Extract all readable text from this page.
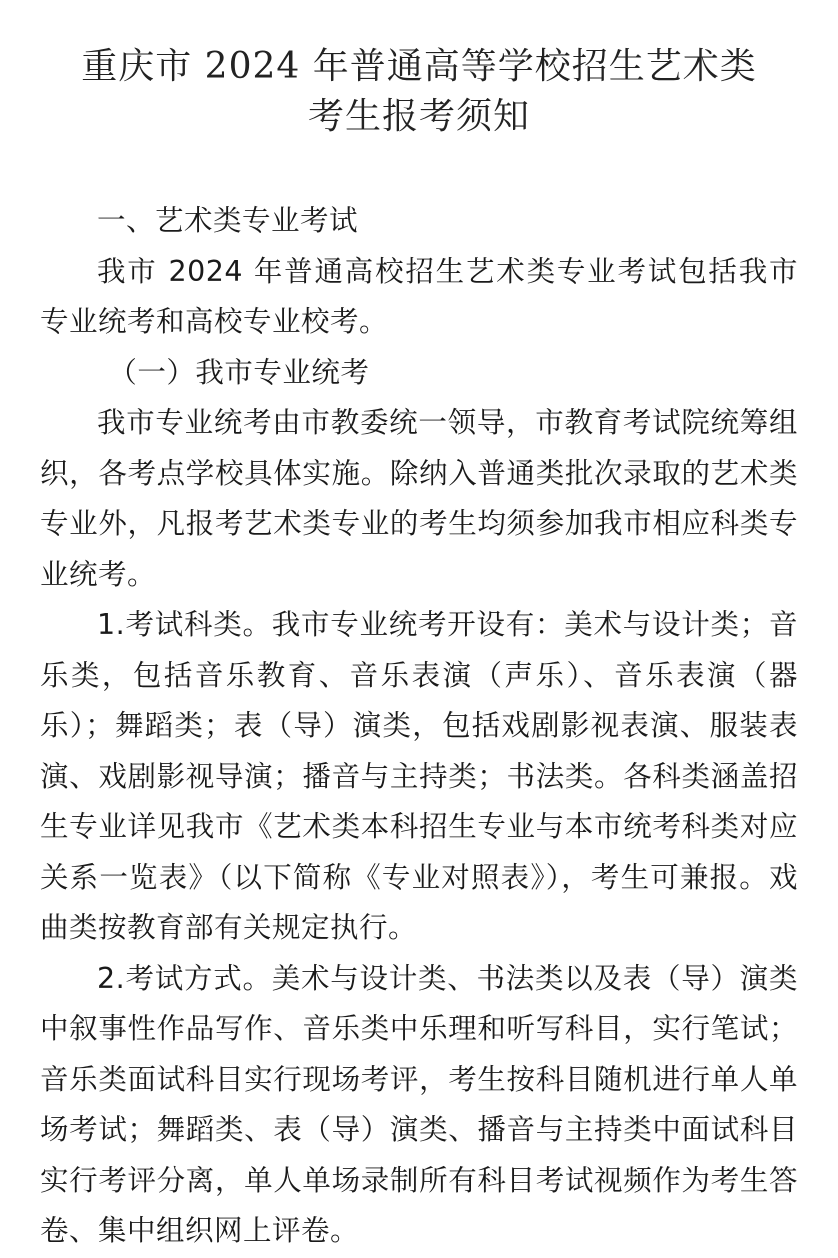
重庆市 2024 年普通高等学校招生艺术类
考生报考须知

一、艺术类专业考试

我市 2024 年普通高校招生艺术类专业考试包括我市专业统考和高校专业校考。

（一）我市专业统考

我市专业统考由市教委统一领导，市教育考试院统筹组织，各考点学校具体实施。除纳入普通类批次录取的艺术类专业外，凡报考艺术类专业的考生均须参加我市相应科类专业统考。

1.考试科类。我市专业统考开设有：美术与设计类；音乐类，包括音乐教育、音乐表演（声乐）、音乐表演（器乐）；舞蹈类；表（导）演类，包括戏剧影视表演、服装表演、戏剧影视导演；播音与主持类；书法类。各科类涵盖招生专业详见我市《艺术类本科招生专业与本市统考科类对应关系一览表》（以下简称《专业对照表》），考生可兼报。戏曲类按教育部有关规定执行。

2.考试方式。美术与设计类、书法类以及表（导）演类中叙事性作品写作、音乐类中乐理和听写科目，实行笔试；音乐类面试科目实行现场考评，考生按科目随机进行单人单场考试；舞蹈类、表（导）演类、播音与主持类中面试科目实行考评分离，单人单场录制所有科目考试视频作为考生答卷、集中组织网上评卷。
